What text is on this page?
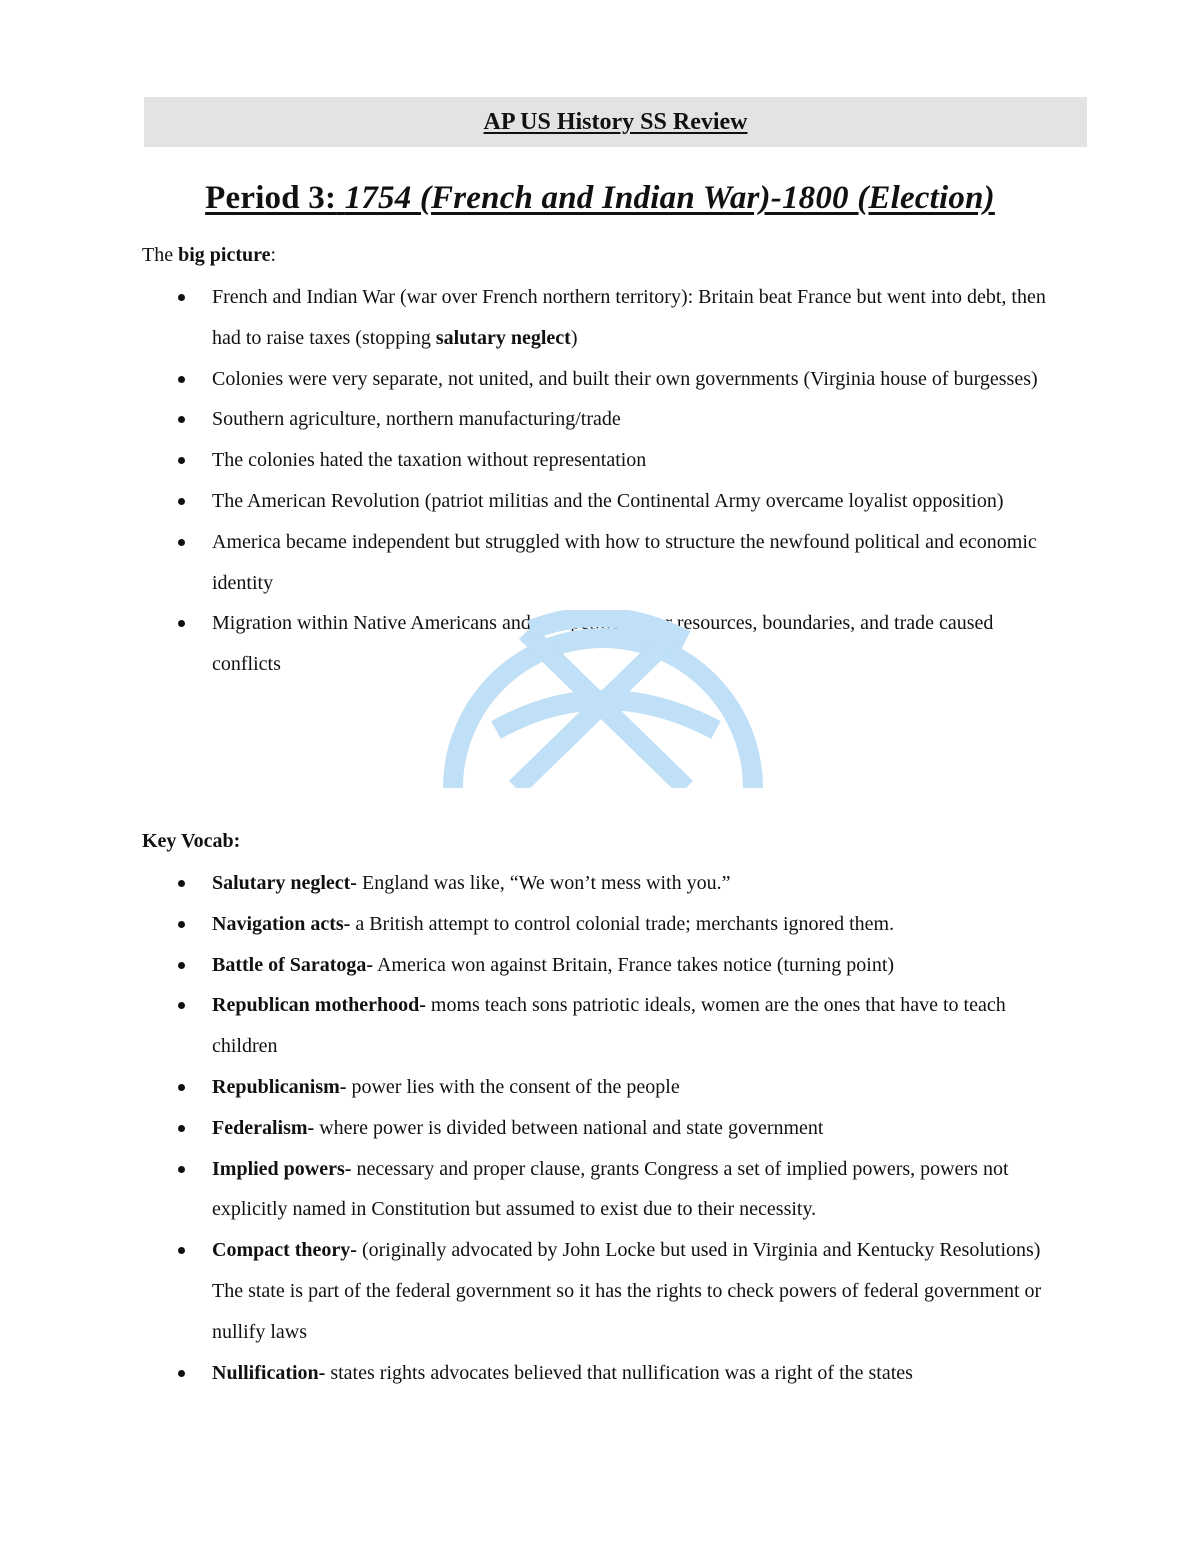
AP US History SS Review
Period 3: 1754 (French and Indian War)-1800 (Election)
The big picture:
French and Indian War (war over French northern territory): Britain beat France but went into debt, then had to raise taxes (stopping salutary neglect)
Colonies were very separate, not united, and built their own governments (Virginia house of burgesses)
Southern agriculture, northern manufacturing/trade
The colonies hated the taxation without representation
The American Revolution (patriot militias and the Continental Army overcame loyalist opposition)
America became independent but struggled with how to structure the newfound political and economic identity
Migration within Native Americans and competition over resources, boundaries, and trade caused conflicts
Key Vocab:
Salutary neglect- England was like, “We won’t mess with you.”
Navigation acts- a British attempt to control colonial trade; merchants ignored them.
Battle of Saratoga- America won against Britain, France takes notice (turning point)
Republican motherhood- moms teach sons patriotic ideals, women are the ones that have to teach children
Republicanism- power lies with the consent of the people
Federalism- where power is divided between national and state government
Implied powers- necessary and proper clause, grants Congress a set of implied powers, powers not explicitly named in Constitution but assumed to exist due to their necessity.
Compact theory- (originally advocated by John Locke but used in Virginia and Kentucky Resolutions) The state is part of the federal government so it has the rights to check powers of federal government or nullify laws
Nullification- states rights advocates believed that nullification was a right of the states
